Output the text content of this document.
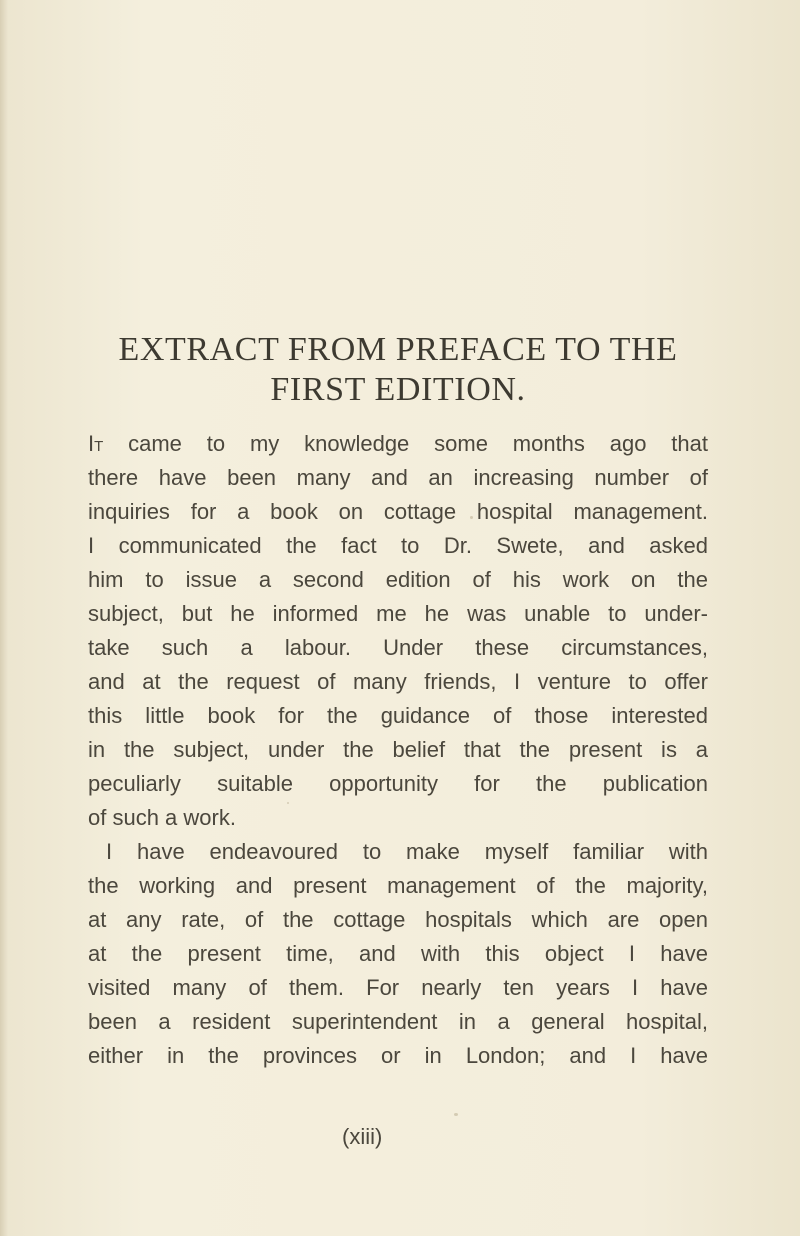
EXTRACT FROM PREFACE TO THE
FIRST EDITION.
It came to my knowledge some months ago that
there have been many and an increasing number of
inquiries for a book on cottage hospital management.
I communicated the fact to Dr. Swete, and asked
him to issue a second edition of his work on the
subject, but he informed me he was unable to under-
take such a labour. Under these circumstances,
and at the request of many friends, I venture to offer
this little book for the guidance of those interested
in the subject, under the belief that the present is a
peculiarly suitable opportunity for the publication
of such a work.
I have endeavoured to make myself familiar with
the working and present management of the majority,
at any rate, of the cottage hospitals which are open
at the present time, and with this object I have
visited many of them. For nearly ten years I have
been a resident superintendent in a general hospital,
either in the provinces or in London; and I have
(xiii)
